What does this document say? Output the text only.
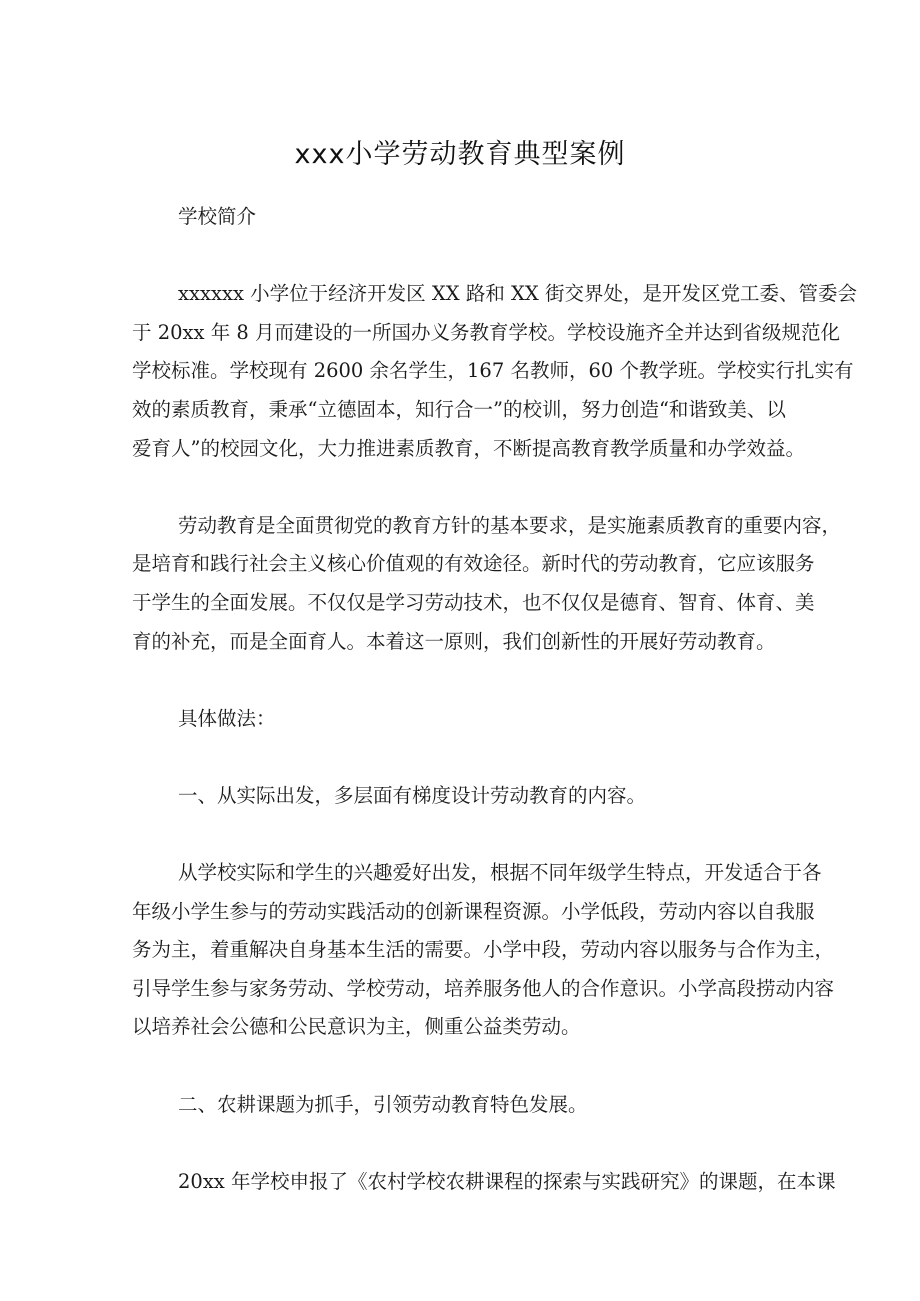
xxx小学劳动教育典型案例
学校简介
xxxxxx 小学位于经济开发区 XX 路和 XX 街交界处，是开发区党工委、管委会
于 20xx 年 8 月而建设的一所国办义务教育学校。学校设施齐全并达到省级规范化
学校标准。学校现有 2600 余名学生，167 名教师，60 个教学班。学校实行扎实有
效的素质教育，秉承“立德固本，知行合一”的校训，努力创造“和谐致美、以
爱育人”的校园文化，大力推进素质教育，不断提高教育教学质量和办学效益。
劳动教育是全面贯彻党的教育方针的基本要求，是实施素质教育的重要内容，
是培育和践行社会主义核心价值观的有效途径。新时代的劳动教育，它应该服务
于学生的全面发展。不仅仅是学习劳动技术，也不仅仅是德育、智育、体育、美
育的补充，而是全面育人。本着这一原则，我们创新性的开展好劳动教育。
具体做法：
一、从实际出发，多层面有梯度设计劳动教育的内容。
从学校实际和学生的兴趣爱好出发，根据不同年级学生特点，开发适合于各
年级小学生参与的劳动实践活动的创新课程资源。小学低段，劳动内容以自我服
务为主，着重解决自身基本生活的需要。小学中段，劳动内容以服务与合作为主，
引导学生参与家务劳动、学校劳动，培养服务他人的合作意识。小学高段捞动内容
以培养社会公德和公民意识为主，侧重公益类劳动。
二、农耕课题为抓手，引领劳动教育特色发展。
20xx 年学校申报了《农村学校农耕课程的探索与实践研究》的课题，在本课
